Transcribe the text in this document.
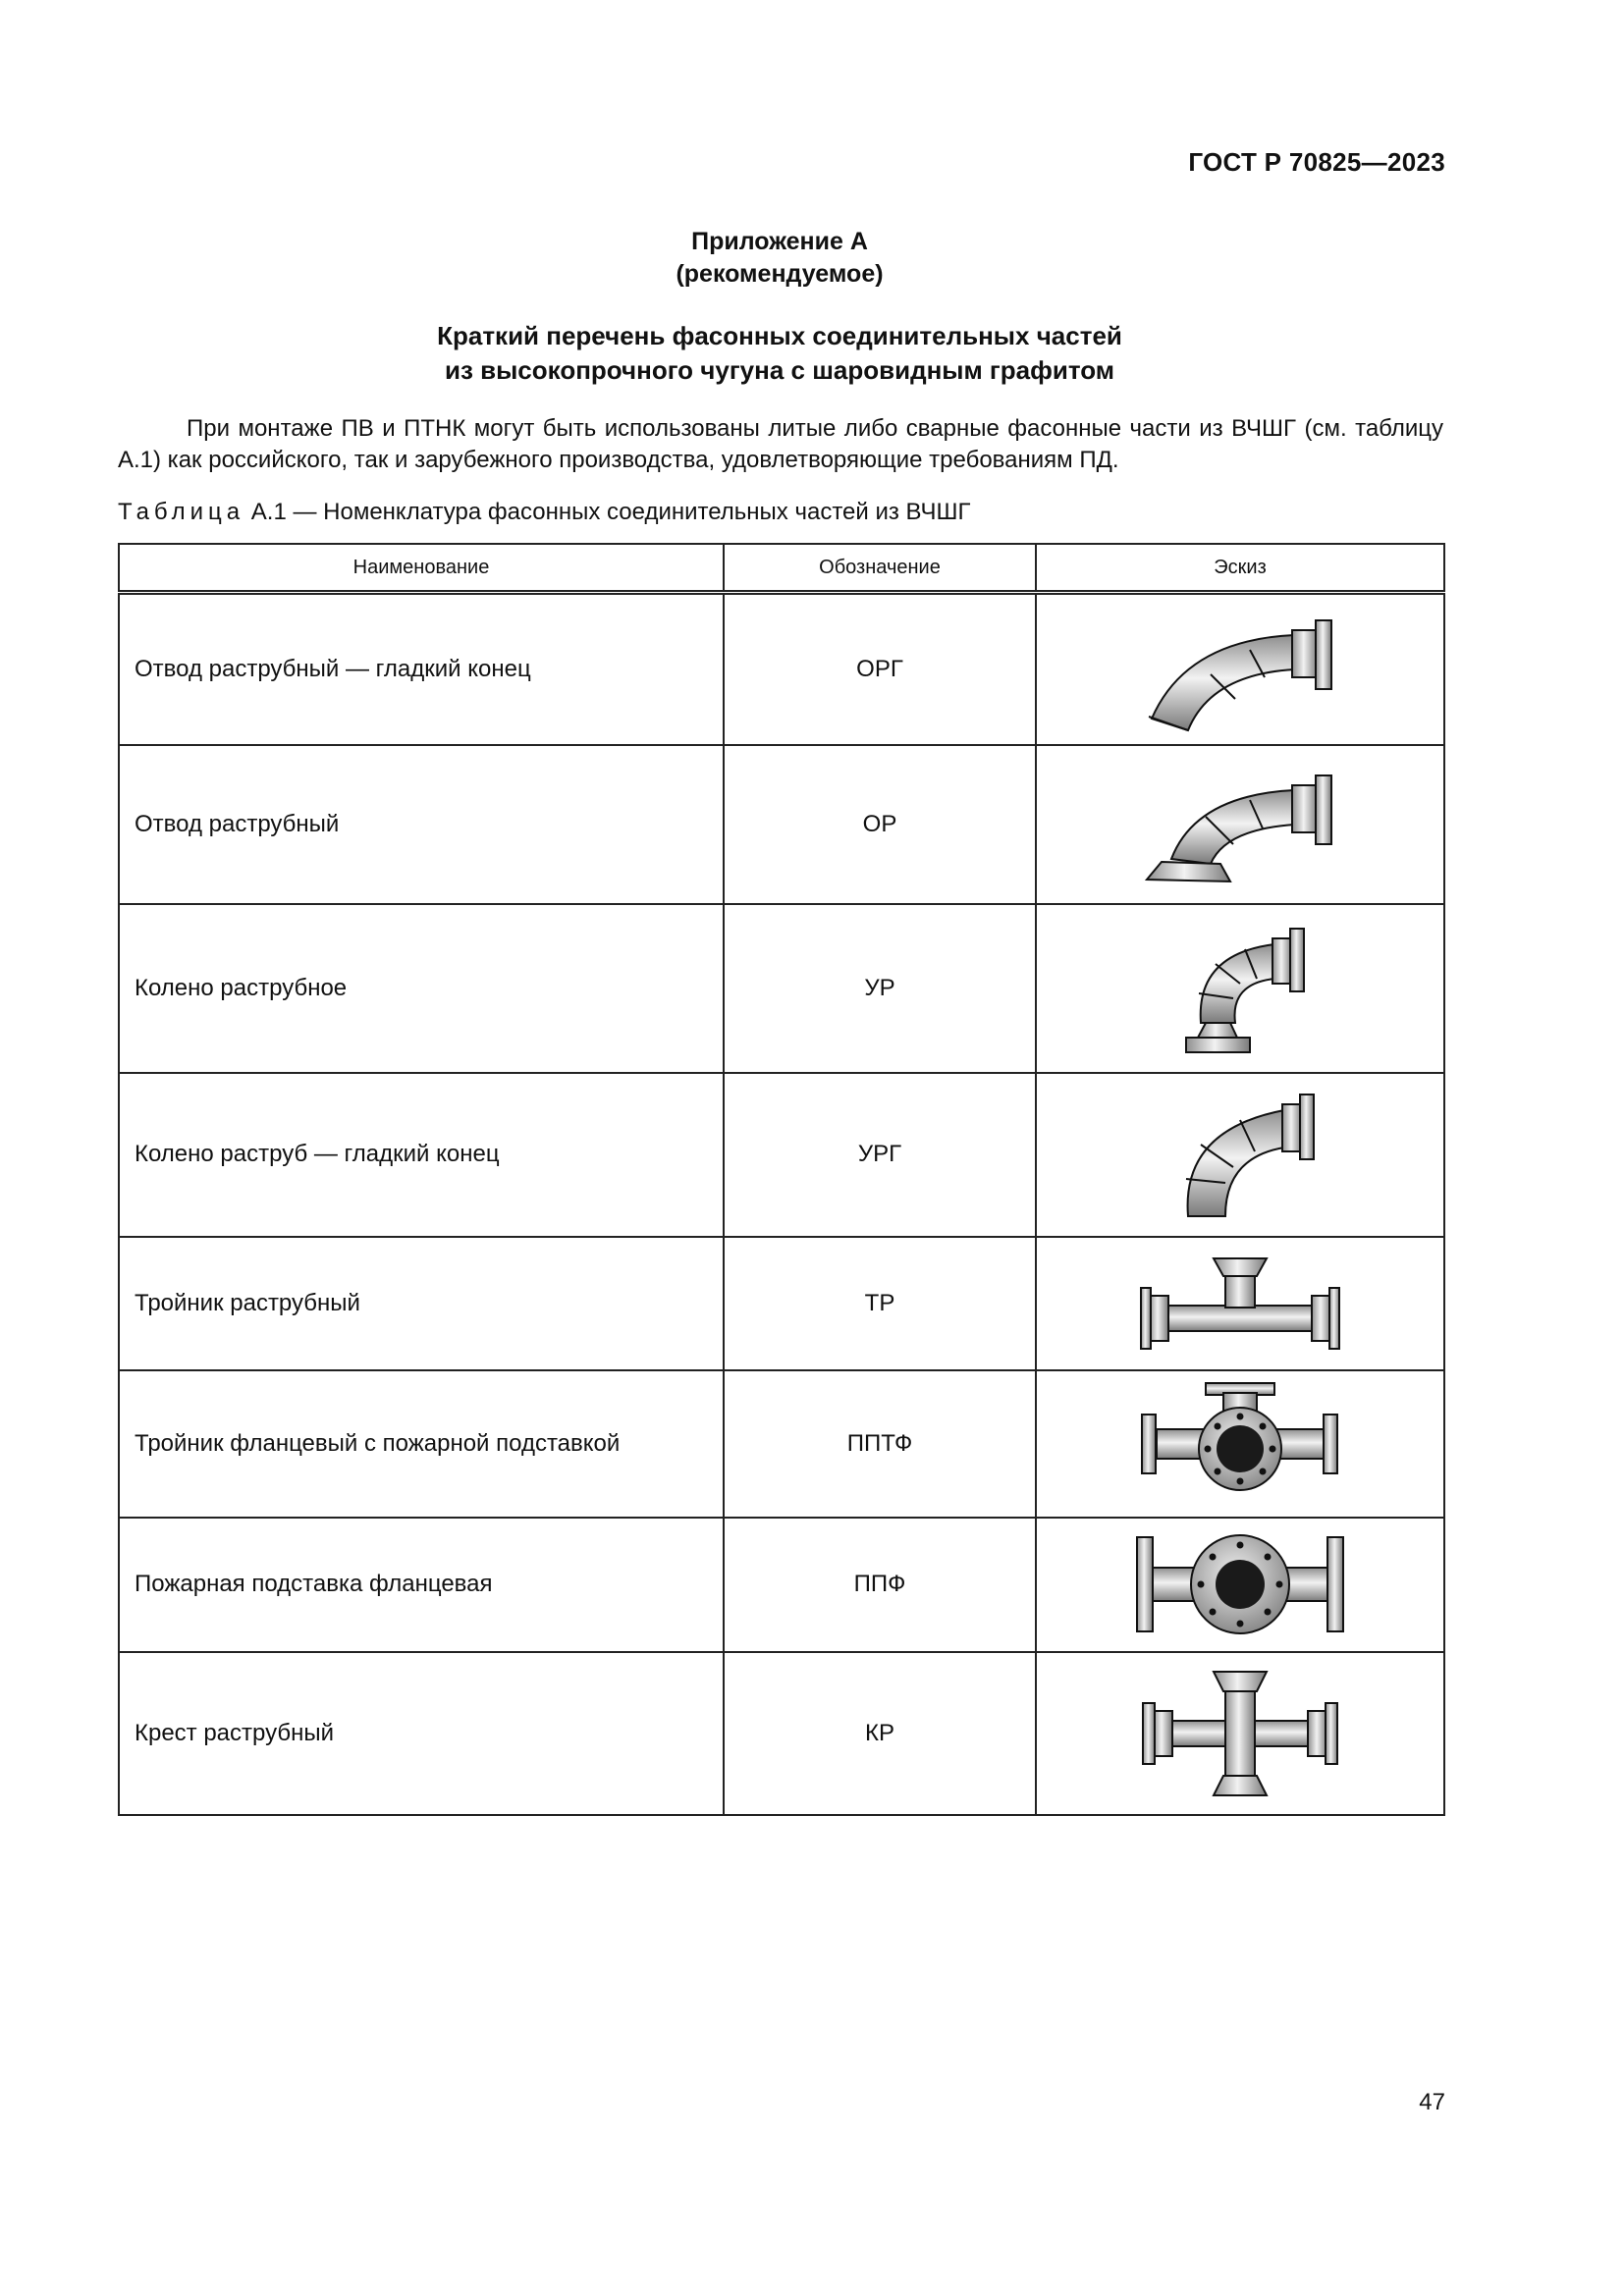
ГОСТ Р 70825—2023
Приложение А
(рекомендуемое)
Краткий перечень фасонных соединительных частей
из высокопрочного чугуна с шаровидным графитом

При монтаже ПВ и ПТНК могут быть использованы литые либо сварные фасонные части из ВЧШГ (см. таблицу А.1) как российского, так и зарубежного производства, удовлетворяющие требованиям ПД.

Таблица А.1 — Номенклатура фасонных соединительных частей из ВЧШГ
Наименование	Обозначение	Эскиз
Отвод раструбный — гладкий конец	ОРГ	

Отвод раструбный	ОР	

Колено раструбное	УР	

Колено раструб — гладкий конец	УРГ	

Тройник раструбный	ТР	

Тройник фланцевый с пожарной подставкой	ППТФ	

Пожарная подставка фланцевая	ППФ	

Крест раструбный	КР	
47
